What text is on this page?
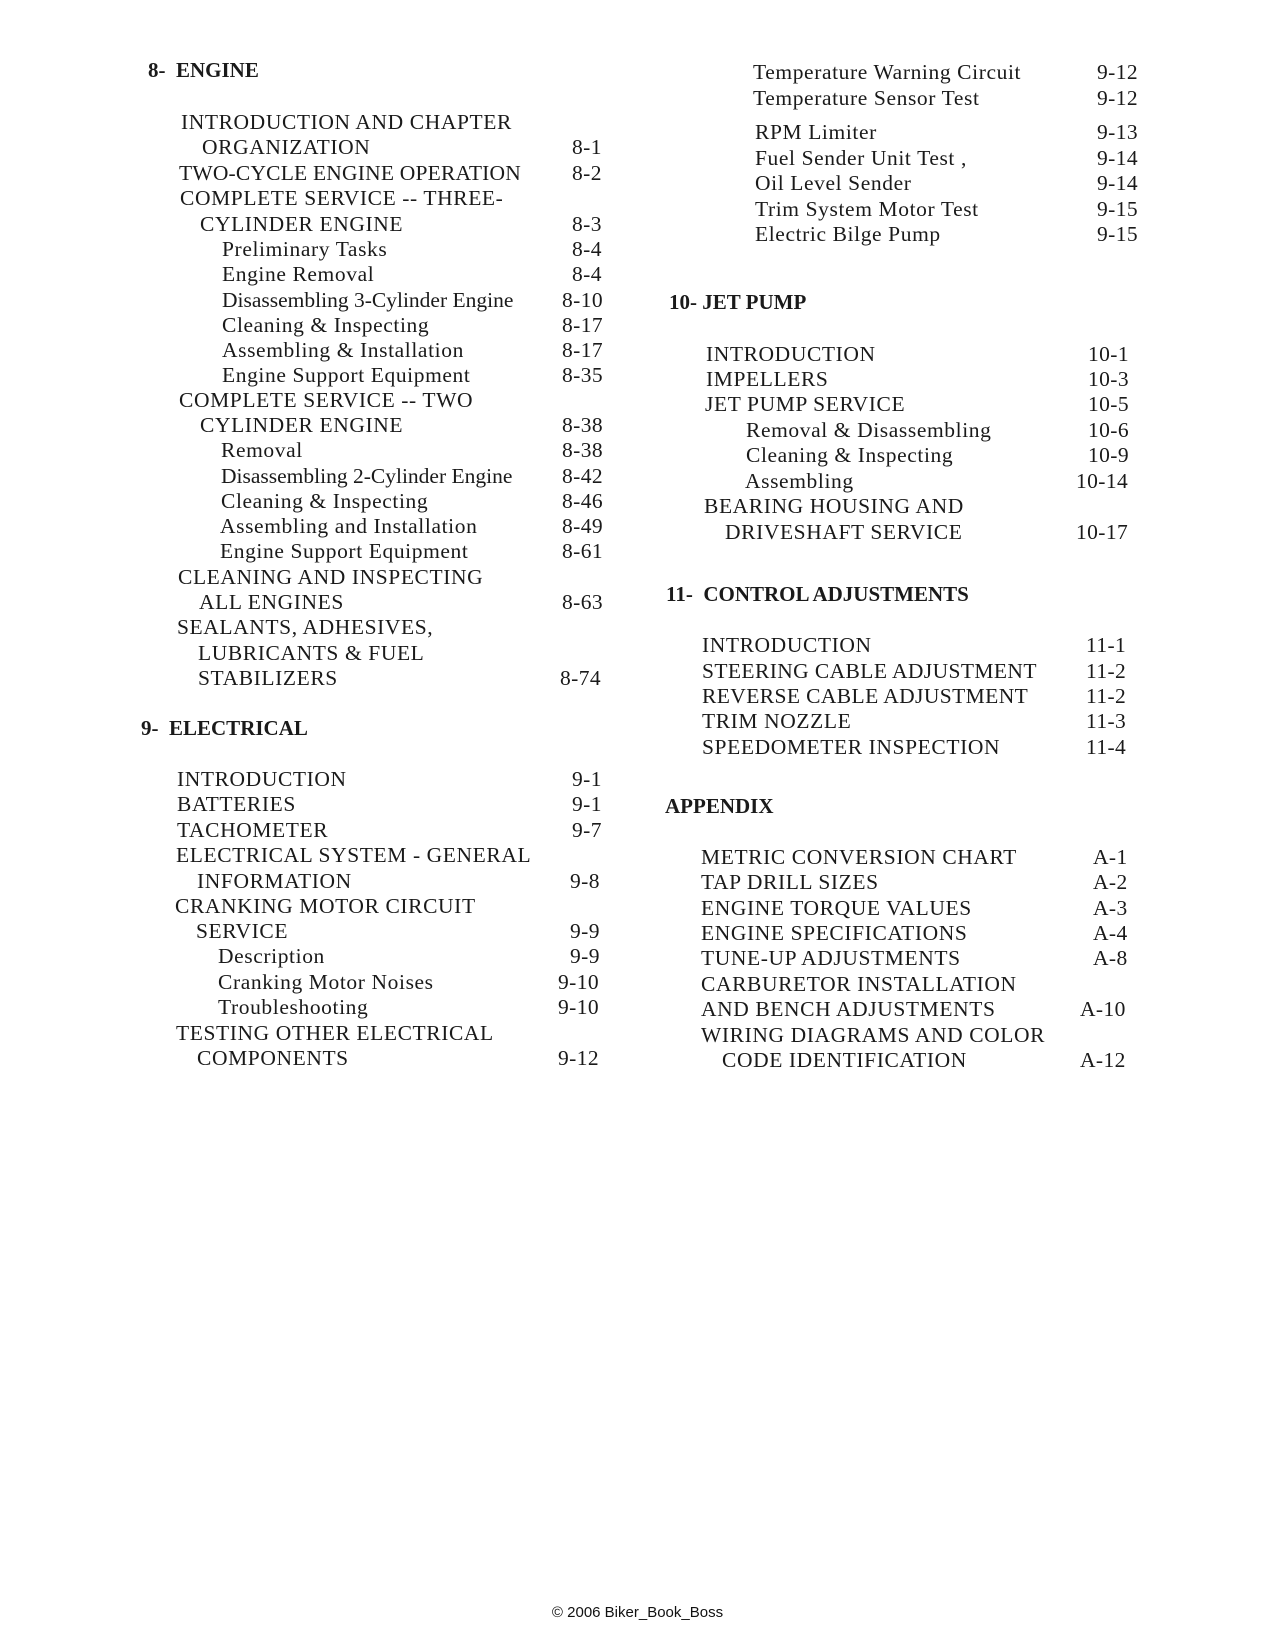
8- ENGINE
INTRODUCTION AND CHAPTER
ORGANIZATION	8-1
TWO-CYCLE ENGINE OPERATION 8-2
COMPLETE SERVICE -- THREE-
CYLINDER ENGINE	8-3
Preliminary Tasks	8-4
Engine Removal	8-4
Disassembling 3-Cylinder Engine 8-10
Cleaning & Inspecting	8-17
Assembling & Installation	8-17
Engine Support Equipment	8-35
COMPLETE SERVICE -- TWO
CYLINDER ENGINE	8-38
Removal	8-38
Disassembling 2-Cylinder Engine 8-42
Cleaning & Inspecting	8-46
Assembling and Installation	8-49
Engine Support Equipment	8-61
CLEANING AND INSPECTING
ALL ENGINES	8-63
SEALANTS, ADHESIVES,
LUBRICANTS & FUEL
STABILIZERS	8-74
9- ELECTRICAL
INTRODUCTION	9-1
BATTERIES	9-1
TACHOMETER	9-7
ELECTRICAL SYSTEM - GENERAL
INFORMATION	9-8
CRANKING MOTOR CIRCUIT
SERVICE	9-9
Description	9-9
Cranking Motor Noises	9-10
Troubleshooting	9-10
TESTING OTHER ELECTRICAL
COMPONENTS	9-12
Temperature Warning Circuit	9-12
Temperature Sensor Test	9-12
RPM Limiter	9-13
Fuel Sender Unit Test ,	9-14
Oil Level Sender	9-14
Trim System Motor Test	9-15
Electric Bilge Pump	9-15
10- JET PUMP
INTRODUCTION	10-1
IMPELLERS	10-3
JET PUMP SERVICE	10-5
Removal & Disassembling	10-6
Cleaning & Inspecting	10-9
Assembling	10-14
BEARING HOUSING AND
DRIVESHAFT SERVICE	10-17
11- CONTROL ADJUSTMENTS
INTRODUCTION	11-1
STEERING CABLE ADJUSTMENT 11-2
REVERSE CABLE ADJUSTMENT	11-2
TRIM NOZZLE	11-3
SPEEDOMETER INSPECTION	11-4
APPENDIX
METRIC CONVERSION CHART	A-1
TAP DRILL SIZES	A-2
ENGINE TORQUE VALUES	A-3
ENGINE SPECIFICATIONS	A-4
TUNE-UP ADJUSTMENTS	A-8
CARBURETOR INSTALLATION
AND BENCH ADJUSTMENTS	A-10
WIRING DIAGRAMS AND COLOR
CODE IDENTIFICATION	A-12
© 2006 Biker_Book_Boss
